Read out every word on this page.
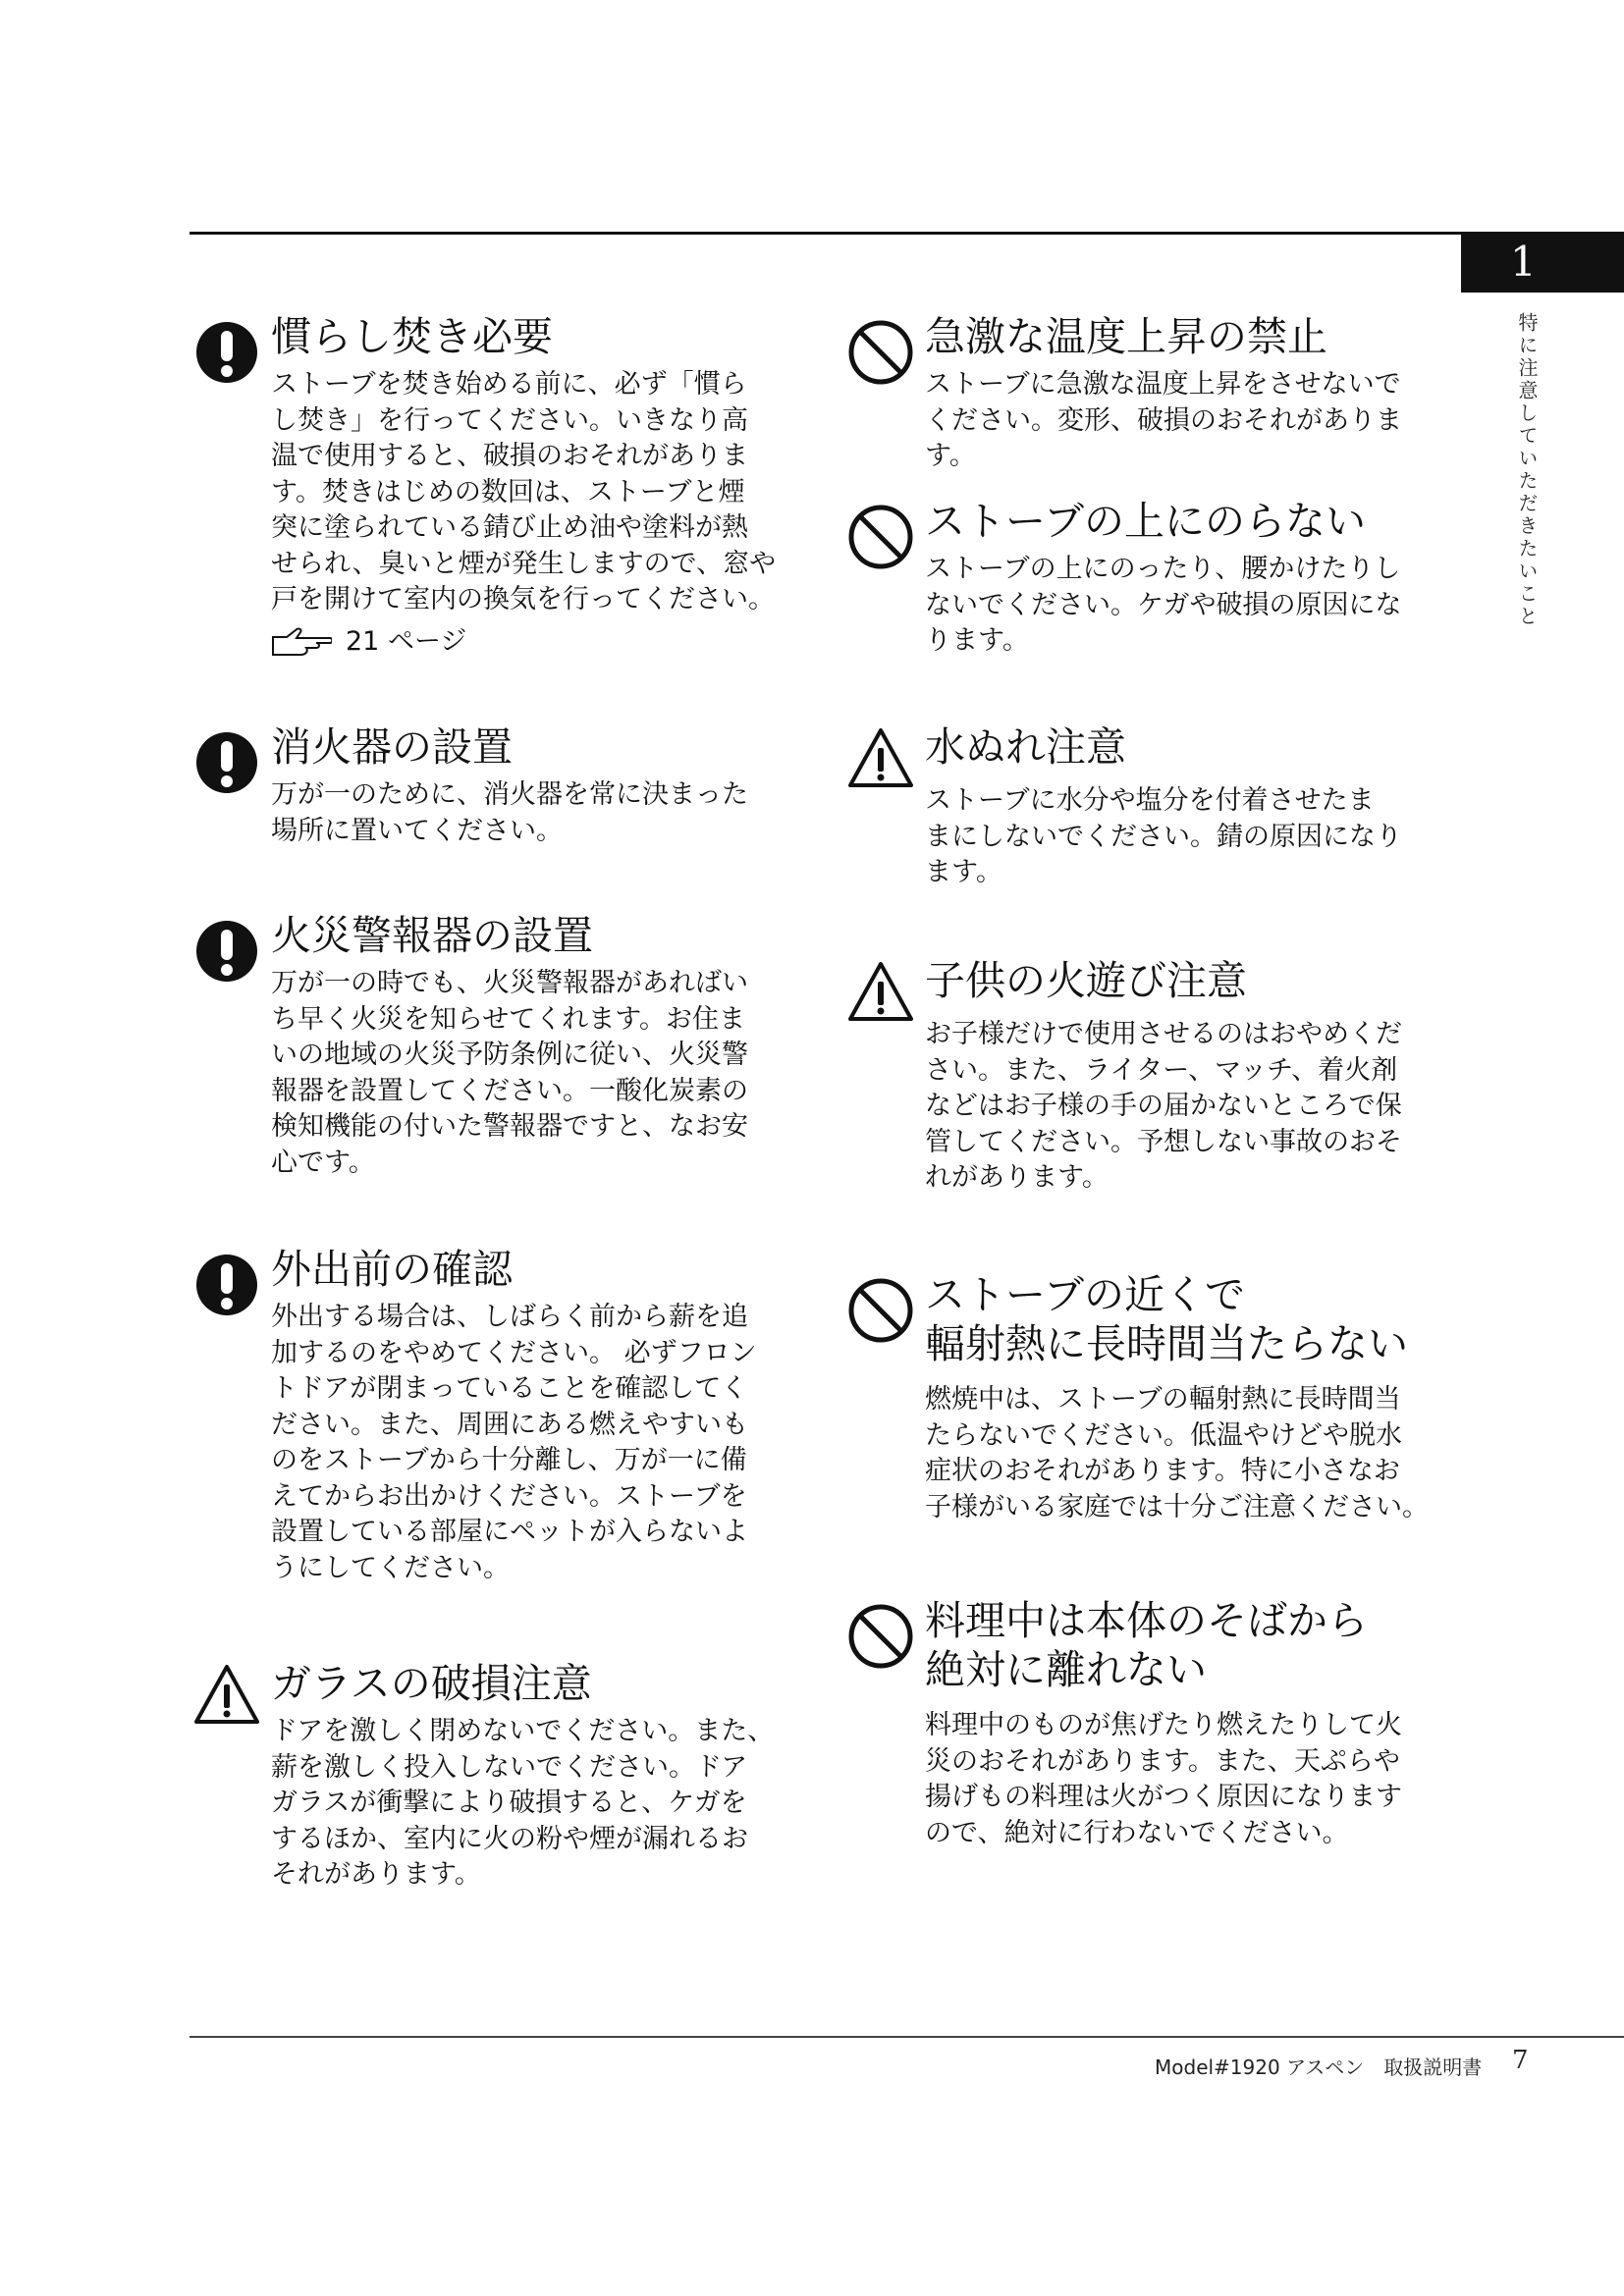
1
特に注意していただきたいこと
慣らし焚き必要

ストーブを焚き始める前に、必ず「慣ら
し焚き」を行ってください。いきなり高
温で使用すると、破損のおそれがありま
す。焚きはじめの数回は、ストーブと煙
突に塗られている錆び止め油や塗料が熱
せられ、臭いと煙が発生しますので、窓や
戸を開けて室内の換気を行ってください。

21 ページ
消火器の設置

万が一のために、消火器を常に決まった
場所に置いてください。

火災警報器の設置

万が一の時でも、火災警報器があればい
ち早く火災を知らせてくれます。お住ま
いの地域の火災予防条例に従い、火災警
報器を設置してください。一酸化炭素の
検知機能の付いた警報器ですと、なお安
心です。

外出前の確認

外出する場合は、しばらく前から薪を追
加するのをやめてください。 必ずフロン
トドアが閉まっていることを確認してく
ださい。また、周囲にある燃えやすいも
のをストーブから十分離し、万が一に備
えてからお出かけください。ストーブを
設置している部屋にペットが入らないよ
うにしてください。

ガラスの破損注意

ドアを激しく閉めないでください。また、
薪を激しく投入しないでください。ドア
ガラスが衝撃により破損すると、ケガを
するほか、室内に火の粉や煙が漏れるお
それがあります。

急激な温度上昇の禁止

ストーブに急激な温度上昇をさせないで
ください。変形、破損のおそれがあります。

ストーブの上にのらない

ストーブの上にのったり、腰かけたりし
ないでください。ケガや破損の原因にな
ります。

水ぬれ注意

ストーブに水分や塩分を付着させたま
まにしないでください。錆の原因になり
ます。

子供の火遊び注意

お子様だけで使用させるのはおやめくだ
さい。また、ライター、マッチ、着火剤
などはお子様の手の届かないところで保
管してください。予想しない事故のおそ
れがあります。

ストーブの近くで
輻射熱に長時間当たらない

燃焼中は、ストーブの輻射熱に長時間当
たらないでください。低温やけどや脱水
症状のおそれがあります。特に小さなお
子様がいる家庭では十分ご注意ください。

料理中は本体のそばから
絶対に離れない

料理中のものが焦げたり燃えたりして火
災のおそれがあります。また、天ぷらや
揚げもの料理は火がつく原因になります
ので、絶対に行わないでください。

Model#1920 アスペン　取扱説明書 7
